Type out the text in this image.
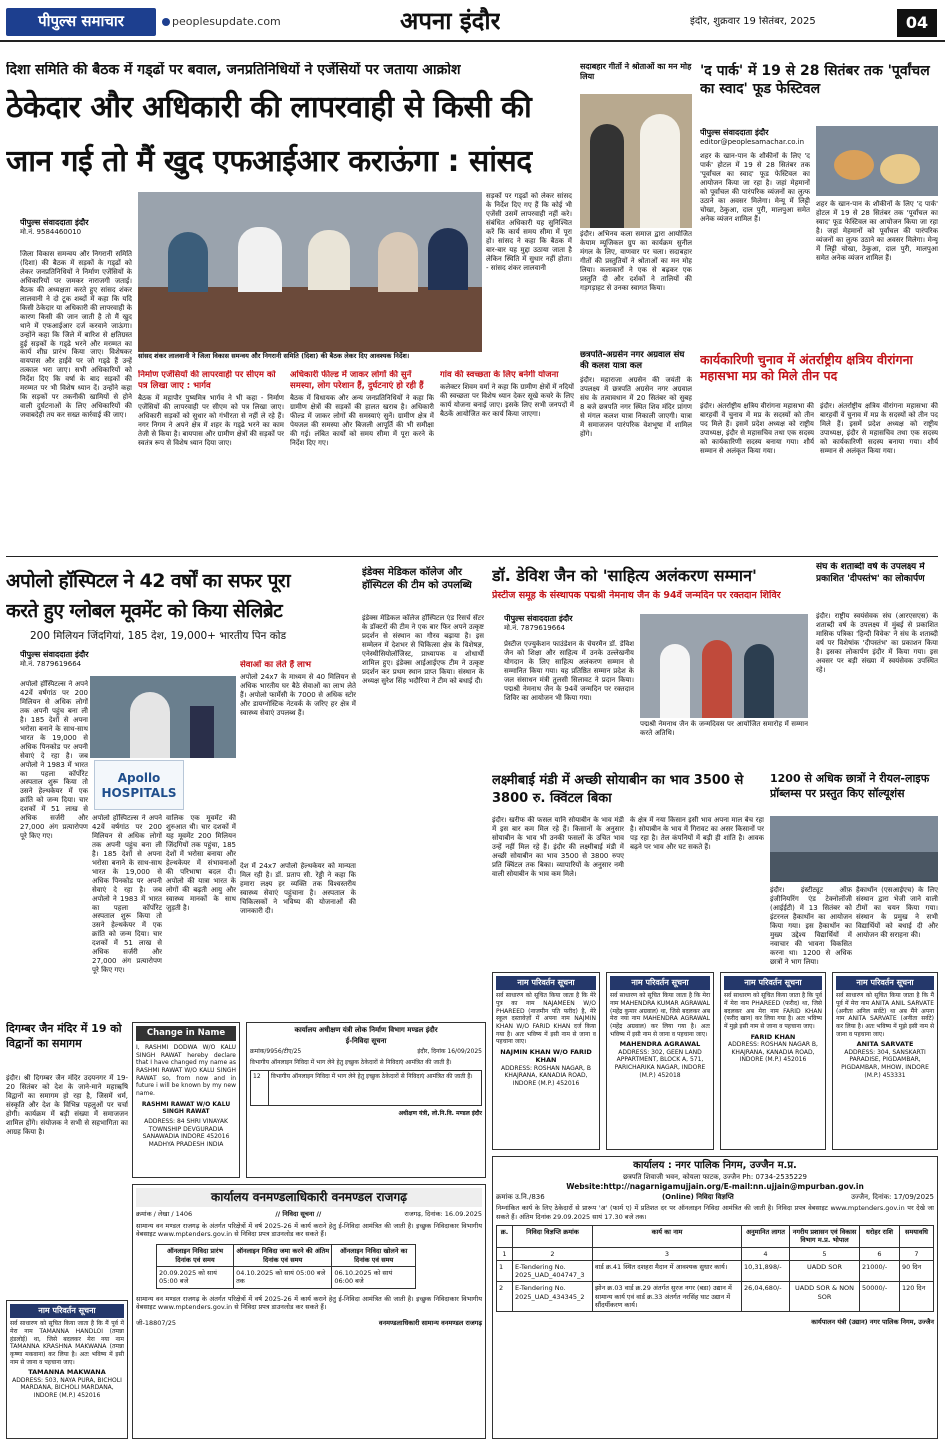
पीपुल्स समाचार	peoplesupdate.com	अपना इंदौर	इंदौर, शुक्रवार 19 सितंबर, 2025	04
दिशा समिति की बैठक में गड्‌ढों पर बवाल, जनप्रतिनिधियों ने एजेंसियों पर जताया आक्रोश
ठेकेदार और अधिकारी की लापरवाही से किसी की
जान गई तो मैं खुद एफआईआर कराऊंगा : सांसद
पीपुल्स संवाददाता इंदौर
मो.नं. 9584460010
जिला विकास समन्वय और निगरानी समिति (दिशा) की बैठक में सड़कों के गड्‌ढों को लेकर जनप्रतिनिधियों ने निर्माण एजेंसियों के अधिकारियों पर जमकर नाराजगी जताई। बैठक की अध्यक्षता करते हुए सांसद शंकर लालवानी ने दो टूक शब्दों में कहा कि यदि किसी ठेकेदार या अधिकारी की लापरवाही के कारण किसी की जान जाती है तो मैं खुद थाने में एफआईआर दर्ज करवाने जाऊंगा। उन्होंने कहा कि जिले में बारिश से क्षतिग्रस्त हुई सड़कों के गड्‌ढे भरने और मरम्मत का कार्य शीघ्र प्रारंभ किया जाए। विशेषकर वायपास और हाईवे पर जो गड्‌ढे हैं उन्हें तत्काल भरा जाए। सभी अधिकारियों को निर्देश दिए कि वर्षा के बाद सड़कों की मरम्मत पर भी विशेष ध्यान दें। उन्होंने कहा कि सड़कों पर तकनीकी खामियों से होने वाली दुर्घटनाओं के लिए अधिकारियों की जवाबदेही तय कर सख्त कार्रवाई की जाए।
सांसद शंकर लालवानी ने जिला विकास समन्वय और निगरानी समिति (दिशा) की बैठक लेकर दिए आवश्यक निर्देश।
सड़कों पर गड्‌ढों को लेकर सांसद के निर्देश दिए गए हैं कि कोई भी एजेंसी उसमें लापरवाही नहीं करे। संबंधित अधिकारी यह सुनिश्चित करें कि कार्य समय सीमा में पूरा हो। सांसद ने कहा कि बैठक में बार-बार यह मुद्दा उठाया जाता है लेकिन स्थिति में सुधार नहीं होता। - सांसद शंकर लालवानी
निर्माण एजेंसियों की लापरवाही पर सीएम को पत्र लिखा जाए : भार्गव
बैठक में महापौर पुष्यमित्र भार्गव ने भी कहा - निर्माण एजेंसियों की लापरवाही पर सीएम को पत्र लिखा जाए। अधिकारी सड़कों को सुधार को गंभीरता से नहीं ले रहे हैं। नगर निगम ने अपने क्षेत्र में शहर के गड्‌ढे भरने का काम तेजी से किया है। बायपास और ग्रामीण क्षेत्रों की सड़कों पर स्वतंत्र रूप से विशेष ध्यान दिया जाए।
अधिकारी फील्ड में जाकर लोगों की सुनें समस्या, लोग परेशान हैं, दुर्घटनाएं हो रही हैं
बैठक में विधायक और अन्य जनप्रतिनिधियों ने कहा कि ग्रामीण क्षेत्रों की सड़कों की हालत खराब है। अधिकारी फील्ड में जाकर लोगों की समस्याएं सुनें। ग्रामीण क्षेत्र में पेयजल की समस्या और बिजली आपूर्ति की भी समीक्षा की गई। लंबित कार्यों को समय सीमा में पूरा करने के निर्देश दिए गए।
गांव की स्वच्छता के लिए बनेगी योजना
कलेक्टर शिवम वर्मा ने कहा कि ग्रामीण क्षेत्रों में नदियों की स्वच्छता पर विशेष ध्यान देकर सूखे कचरे के लिए कार्य योजना बनाई जाए। इसके लिए सभी जनपदों में बैठकें आयोजित कर कार्य किया जाएगा।
सदाबहार गीतों ने श्रोताओं का मन मोह लिया
इंदौर। अभिनव कला समाज द्वारा आयोजित केयाम म्यूजिकल ग्रुप का कार्यक्रम सुनील मंगल के लिए, वाणवार पर चला। सदाबहार गीतों की प्रस्तुतियों ने श्रोताओं का मन मोह लिया। कलाकारों ने एक से बढ़कर एक प्रस्तुति दी और दर्शकों ने तालियों की गड़गड़ाहट से उनका स्वागत किया।
छत्रपति-अग्रसेन नगर अग्रवाल संघ की कलश यात्रा कल
इंदौर। महाराजा अग्रसेन की जयंती के उपलक्ष्य में छत्रपति अग्रसेन नगर अग्रवाल संघ के तत्वावधान में 20 सितंबर को सुबह 8 बजे छत्रपति नगर स्थित शिव मंदिर प्रांगण से मंगल कलश यात्रा निकाली जाएगी। यात्रा में समाजजन पारंपरिक वेशभूषा में शामिल होंगे।
'द पार्क' में 19 से 28 सितंबर तक 'पूर्वांचल का स्वाद' फूड फेस्टिवल
पीपुल्स संवाददाता इंदौर
editor@peoplesamachar.co.in
शहर के खान-पान के शौकीनों के लिए 'द पार्क' होटल में 19 से 28 सितंबर तक 'पूर्वांचल का स्वाद' फूड फेस्टिवल का आयोजन किया जा रहा है। जहां मेहमानों को पूर्वांचल की पारंपरिक व्यंजनों का लुत्फ उठाने का अवसर मिलेगा। मेन्यू में लिट्टी चोखा, ठेकुआ, दाल पुरी, मालपुआ समेत अनेक व्यंजन शामिल हैं।
शहर के खान-पान के शौकीनों के लिए 'द पार्क' होटल में 19 से 28 सितंबर तक 'पूर्वांचल का स्वाद' फूड फेस्टिवल का आयोजन किया जा रहा है। जहां मेहमानों को पूर्वांचल की पारंपरिक व्यंजनों का लुत्फ उठाने का अवसर मिलेगा। मेन्यू में लिट्टी चोखा, ठेकुआ, दाल पुरी, मालपुआ समेत अनेक व्यंजन शामिल हैं।
कार्यकारिणी चुनाव में अंतर्राष्ट्रीय क्षत्रिय वीरांगना महासभा मप्र को मिले तीन पद
इंदौर। अंतर्राष्ट्रीय क्षत्रिय वीरांगना महासभा की बारहवीं वें चुनाव में मप्र के सदस्यों को तीन पद मिले हैं। इसमें प्रदेश अध्यक्ष को राष्ट्रीय उपाध्यक्ष, इंदौर से महासचिव तथा एक सदस्य को कार्यकारिणी सदस्य बनाया गया। शौर्य सम्मान से अलंकृत किया गया।
इंदौर। अंतर्राष्ट्रीय क्षत्रिय वीरांगना महासभा की बारहवीं वें चुनाव में मप्र के सदस्यों को तीन पद मिले हैं। इसमें प्रदेश अध्यक्ष को राष्ट्रीय उपाध्यक्ष, इंदौर से महासचिव तथा एक सदस्य को कार्यकारिणी सदस्य बनाया गया। शौर्य सम्मान से अलंकृत किया गया।
अपोलो हॉस्पिटल ने 42 वर्षों का सफर पूरा
करते हुए ग्लोबल मूवमेंट को किया सेलिब्रेट
200 मिलियन जिंदगियां, 185 देश, 19,000+ भारतीय पिन कोड
पीपुल्स संवाददाता इंदौर
मो.नं. 7879619664
Apollo HOSPITALS
अपोलो हॉस्पिटल्स ने अपने 42वें वर्षगांठ पर 200 मिलियन से अधिक लोगों तक अपनी पहुंच बना ली है। 185 देशों से अपना भरोसा बनाने के साथ-साथ भारत के 19,000 से अधिक पिनकोड पर अपनी सेवाएं दे रहा है। जब अपोलो ने 1983 में भारत का पहला कॉर्पोरेट अस्पताल शुरू किया तो उसने हेल्थकेयर में एक क्रांति को जन्म दिया। चार दशकों में 51 लाख से अधिक सर्जरी और 27,000 अंग प्रत्यारोपण पूरे किए गए।
अपोलो हॉस्पिटल्स ने अपने 42वें वर्षगांठ पर 200 मिलियन से अधिक लोगों तक अपनी पहुंच बना ली है। 185 देशों से अपना भरोसा बनाने के साथ-साथ भारत के 19,000 से अधिक पिनकोड पर अपनी सेवाएं दे रहा है। जब अपोलो ने 1983 में भारत का पहला कॉर्पोरेट अस्पताल शुरू किया तो उसने हेल्थकेयर में एक क्रांति को जन्म दिया। चार दशकों में 51 लाख से अधिक सर्जरी और 27,000 अंग प्रत्यारोपण पूरे किए गए।
सेवाओं का लेते हैं लाभ
अपोलो 24x7 के माध्यम से 40 मिलियन से अधिक भारतीय घर बैठे सेवाओं का लाभ लेते हैं। अपोलो फार्मेसी के 7000 से अधिक स्टोर और डायग्नोस्टिक नेटवर्क के जरिए हर क्षेत्र में स्वास्थ्य सेवाएं उपलब्ध हैं।
वालिक एक मूवमेंट की शुरुआत थी। चार दशकों में यह मूवमेंट 200 मिलियन जिंदगियों तक पहुंचा, 185 देशों में भरोसा बनाया और हेल्थकेयर में संभावनाओं की परिभाषा बदल दी। अपोलो की यात्रा भारत के लोगों की बढ़ती आयु और स्वास्थ्य मानकों के साथ जुड़ती है।
देश में 24x7 अपोलो हेल्थकेयर को मान्यता मिल रही है। डॉ. प्रताप सी. रेड्डी ने कहा कि हमारा लक्ष्य हर व्यक्ति तक विश्वस्तरीय स्वास्थ्य सेवाएं पहुंचाना है। अस्पताल के चिकित्सकों ने भविष्य की योजनाओं की जानकारी दी।
इंडेक्स मेडिकल कॉलेज और हॉस्पिटल की टीम को उपलब्धि
इंडेक्स मेडिकल कॉलेज हॉस्पिटल एंड रिसर्च सेंटर के डॉक्टरों की टीम ने एक बार फिर अपने उत्कृष्ट प्रदर्शन से संस्थान का गौरव बढ़ाया है। इस सम्मेलन में देशभर से चिकित्सा क्षेत्र के विशेषज्ञ, एनेस्थीसियोलॉजिस्ट, प्राध्यापक व शोधार्थी शामिल हुए। इंडेक्स आईआईएफ टीम ने उत्कृष्ट प्रदर्शन कर प्रथम स्थान प्राप्त किया। संस्थान के अध्यक्ष सुरेश सिंह भदौरिया ने टीम को बधाई दी।
डॉ. डेविश जैन को 'साहित्य अलंकरण सम्मान'
प्रेस्टीज समूह के संस्थापक पद्मश्री नेमनाथ जैन के 94वें जन्मदिन पर रक्तदान शिविर
पीपुल्स संवाददाता इंदौर
मो.नं. 7879619664
प्रेस्टीज एज्युकेशन फाउंडेशन के चेयरमैन डॉ. डेविश जैन को शिक्षा और साहित्य में उनके उल्लेखनीय योगदान के लिए साहित्य अलंकरण सम्मान से सम्मानित किया गया। यह प्रतिष्ठित सम्मान प्रदेश के जल संसाधन मंत्री तुलसी सिलावट ने प्रदान किया। पद्मश्री नेमनाथ जैन के 94वें जन्मदिन पर रक्तदान शिविर का आयोजन भी किया गया।
पद्मश्री नेमनाथ जैन के जन्मदिवस पर आयोजित समारोह में सम्मान करते अतिथि।
संघ के शताब्दी वर्ष के उपलक्ष्य में प्रकाशित 'दीपस्तंभ' का लोकार्पण
इंदौर। राष्ट्रीय स्वयंसेवक संघ (आरएसएस) के शताब्दी वर्ष के उपलक्ष्य में मुंबई से प्रकाशित मासिक पत्रिका 'हिन्दी विवेक' ने संघ के शताब्दी वर्ष पर विशेषांक 'दीपस्तंभ' का प्रकाशन किया है। इसका लोकार्पण इंदौर में किया गया। इस अवसर पर बड़ी संख्या में स्वयंसेवक उपस्थित रहे।
लक्ष्मीबाई मंडी में अच्छी सोयाबीन का भाव 3500 से 3800 रु. क्विंटल बिका
इंदौर। खरीफ की फसल यानि सोयाबीन के भाव मंडी में इस बार कम मिल रहे हैं। किसानों के अनुसार सोयाबीन के भाव भी उनकी फसलों के उचित भाव उन्हें नहीं मिल रहे हैं। इंदौर की लक्ष्मीबाई मंडी में अच्छी सोयाबीन का भाव 3500 से 3800 रुपए प्रति क्विंटल तक बिका। व्यापारियों के अनुसार नमी वाली सोयाबीन के भाव कम मिले।
के क्षेत्र में नया किसान इसी भाव अपना माल बेच रहा है। सोयाबीन के भाव में गिरावट का असर किसानों पर पड़ रहा है। तेल कंपनियों में बड़ी ही शांति है। आवक बढ़ने पर भाव और घट सकते हैं।
1200 से अधिक छात्रों ने रीयल-लाइफ प्रॉब्लम्स पर प्रस्तुत किए सॉल्यूशंस
इंदौर। इंस्टीट्यूट ऑफ़ इंजीनियरिंग एंड टेक्नोलॉजी (आईईटी) में 13 सितंबर को इंटरनल हैकाथॉन का आयोजन किया गया। इस हैकाथॉन का मुख्य उद्देश्य विद्यार्थियों में नवाचार की भावना विकसित करना था। 1200 से अधिक छात्रों ने भाग लिया।
हैकाथॉन (एसआईएच) के लिए संस्थान द्वारा भेजी जाने वाली टीमों का चयन किया गया। संस्थान के प्रमुख ने सभी विद्यार्थियों को बधाई दी और आयोजन की सराहना की।
दिगम्बर जैन मंदिर में 19 को विद्वानों का समागम
इंदौर। श्री दिगम्बर जैन मंदिर उदयनगर में 19-20 सितंबर को देश के जाने-माने महाऋषि विद्वानों का समागम हो रहा है, जिसमें धर्म, संस्कृति और देश के विभिन्न पहलुओं पर चर्चा होगी। कार्यक्रम में बड़ी संख्या में समाजजन शामिल होंगे। संयोजक ने सभी से सहभागिता का आग्रह किया है।
Change in Name
I, RASHMI DODWA W/O KALU SINGH RAWAT hereby declare that I have changed my name as RASHMI RAWAT W/O KALU SINGH RAWAT so, from now and in future i will be known by my new name.
RASHMI RAWAT W/O KALU SINGH RAWAT
ADDRESS: 84 SHRI VINAYAK TOWNSHIP DEVGURADIA SANAWADIA INDORE 452016 MADHYA PRADESH INDIA
कार्यालय अधीक्षण यंत्री लोक निर्माण विभाग मण्डल इंदौर
ई-निविदा सूचना
क्रमांक/9956/टीए/25	इंदौर, दिनांक 16/09/2025
विभागीय ऑनलाइन निविदा में भाग लेने हेतु इच्छुक ठेकेदारों से निविदाएं आमंत्रित की जाती हैं।
12	विभागीय ऑनलाइन निविदा में भाग लेने हेतु इच्छुक ठेकेदारों से निविदाएं आमंत्रित की जाती हैं।
अधीक्षण यंत्री, लो.नि.वि. मण्डल इंदौर
नाम परिवर्तन सूचना
सर्व साधारण को सूचित किया जाता है कि मेरे पुत्र का नाम NAJAMEEN W/O PHAREED (नाजमीन पति फरीद) है, मेरे स्कूल दस्तावेज़ों में अपना नाम NAJMIN KHAN W/O FARID KHAN दर्ज किया गया है। अतः भविष्य में इसी नाम से जाना व पहचाना जाए।
NAJMIN KHAN W/O FARID KHAN
ADDRESS: ROSHAN NAGAR, B KHAJRANA, KANADIA ROAD, INDORE (M.P.) 452016
नाम परिवर्तन सूचना
सर्व साधारण को सूचित किया जाता है कि मेरा नाम MAHENDRA KUMAR AGRAWAL (महेंद्र कुमार अग्रवाल) था, जिसे बदलकर अब मेरा नया नाम MAHENDRA AGRAWAL (महेंद्र अग्रवाल) कर लिया गया है। अतः भविष्य में इसी नाम से जाना व पहचाना जाए।
MAHENDRA AGRAWAL
ADDRESS: 302, GEEN LAND APPARTMENT, BLOCK A, 571, PARICHARIKA NAGAR, INDORE (M.P.) 452018
नाम परिवर्तन सूचना
सर्व साधारण को सूचित किया जाता है कि पूर्व में मेरा नाम PHAREED (फरीद) था, जिसे बदलकर अब मेरा नाम FARID KHAN (फरीद खान) कर लिया गया है। अतः भविष्य में मुझे इसी नाम से जाना व पहचाना जाए।
FARID KHAN
ADDRESS: ROSHAN NAGAR B, KHAJRANA, KANADIA ROAD, INDORE (M.P.) 452016
नाम परिवर्तन सूचना
सर्व साधारण को सूचित किया जाता है कि मैं पूर्व में मेरा नाम ANITA ANIL SARVATE (अनीता अनिल सर्वटे) था अब मैंने अपना नाम ANITA SARVATE (अनीता सर्वटे) कर लिया है। अतः भविष्य में मुझे इसी नाम से जाना व पहचाना जाए।
ANITA SARVATE
ADDRESS: 304, SANSKARTI PARADISE, PIGDAMBAR, PIGDAMBAR, MHOW, INDORE (M.P.) 453331
कार्यालय वनमण्डलाधिकारी वनमण्डल राजगढ़
क्रमांक / लेखा / 1406	// निविदा सूचना //	राजगढ़, दिनांक: 16.09.2025
सामान्य वन मण्डल राजगढ़ के अंतर्गत परिक्षेत्रों में वर्ष 2025-26 में कार्य कराने हेतु ई-निविदा आमंत्रित की जाती है। इच्छुक निविदाकार विभागीय वेबसाइट www.mptenders.gov.in से निविदा प्रपत्र डाउनलोड कर सकते हैं।
ऑनलाइन निविदा प्रारंभ दिनांक एवं समय	ऑनलाइन निविदा जमा करने की अंतिम दिनांक एवं समय	ऑनलाइन निविदा खोलने का दिनांक एवं समय
20.09.2025 को सायं 05:00 बजे	04.10.2025 को सायं 05:00 बजे तक	06.10.2025 को सायं 06:00 बजे
सामान्य वन मण्डल राजगढ़ के अंतर्गत परिक्षेत्रों में वर्ष 2025-26 में कार्य कराने हेतु ई-निविदा आमंत्रित की जाती है। इच्छुक निविदाकार विभागीय वेबसाइट www.mptenders.gov.in से निविदा प्रपत्र डाउनलोड कर सकते हैं।
जी-18807/25	वनमण्डलाधिकारी सामान्य वनमण्डल राजगढ़
नाम परिवर्तन सूचना
सर्व साधारण को सूचित किया जाता है कि मैं पूर्व में मेरा नाम TAMANNA HANDLOI (तमन्ना हंडलोई) था, जिसे बदलकर मेरा नया नाम TAMANNA KRASHNA MAKWANA (तमन्ना कृष्णा मकवाना) कर लिया है। अतः भविष्य में इसी नाम से जाना व पहचाना जाए।
TAMANNA MAKWANA
ADDRESS: 503, NAYA PURA, BICHOLI MARDANA, BICHOLI MARDANA, INDORE (M.P.) 452016
कार्यालय : नगर पालिक निगम, उज्जैन म.प्र.
छत्रपति शिवाजी भवन, कोयला फाटक, उज्जैन Ph: 0734-2535229
Website:http://nagarnigamujjain.org/E-mail:nn.ujjain@mpurban.gov.in
क्रमांक उ.नि./836	(Online) निविदा विज्ञप्ति	उज्जैन, दिनांक: 17/09/2025
निम्नांकित कार्य के लिए ठेकेदारों से प्रारूप 'अ' (फार्म ए) में प्रतिशत दर पर ऑनलाइन निविदा आमंत्रित की जाती है। निविदा प्रपत्र वेबसाइट www.mptenders.gov.in पर देखे जा सकते हैं। अंतिम दिनांक 29.09.2025 सायं 17.30 बजे तक।
क्र.	निविदा विज्ञप्ति क्रमांक	कार्य का नाम	अनुमानित लागत	नगरीय प्रशासन एवं विकास विभाग म.प्र. भोपाल	धरोहर राशि	समयावधि
1	2	3	4	5	6	7
1	E-Tendering No. 2025_UAD_404747_3	वार्ड क्र.41 स्थित दशहरा मैदान में आवश्यक सुधार कार्य।	10,31,898/-	UADD SOR	21000/-	90 दिन
2	E-Tendering No. 2025_UAD_434345_2	झोन क्र.03 वार्ड क्र.29 अंतर्गत सुरज नगर (बडा) उद्यान में सामान्य कार्य एवं वार्ड क्र.33 अंतर्गत नरसिंह घाट उद्यान में सौंदर्यीकरण कार्य।	26,04,680/-	UADD SOR & NON SOR	50000/-	120 दिन
कार्यपालन यंत्री (उद्यान) नगर पालिक निगम, उज्जैन
